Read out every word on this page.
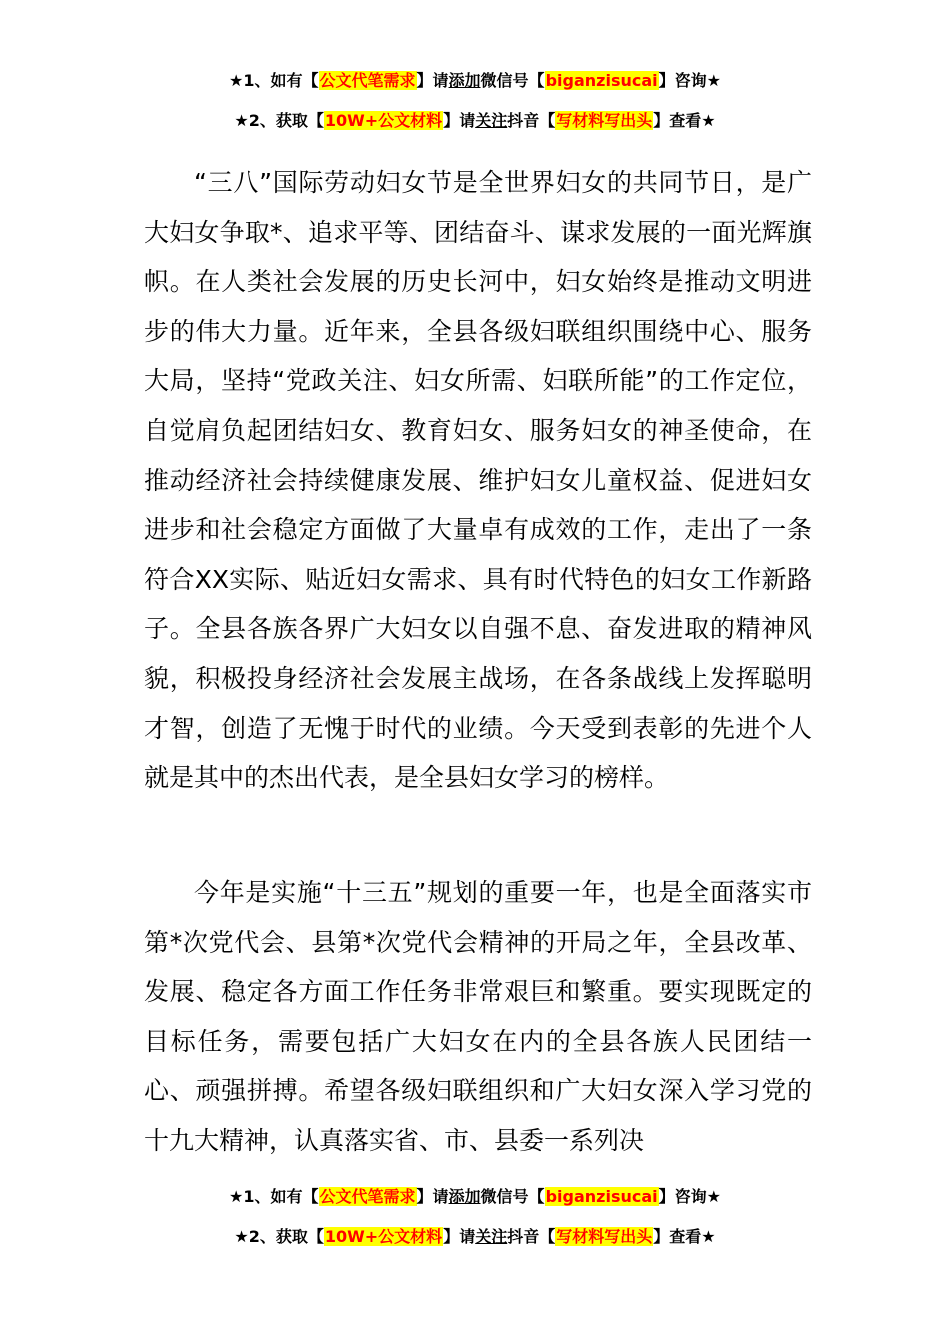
★1、如有【公文代笔需求】请添加微信号【biganzisucai】咨询★
★2、获取【10W+公文材料】请关注抖音【写材料写出头】查看★

“三八”国际劳动妇女节是全世界妇女的共同节日，是广大妇女争取*、追求平等、团结奋斗、谋求发展的一面光辉旗帜。在人类社会发展的历史长河中，妇女始终是推动文明进步的伟大力量。近年来，全县各级妇联组织围绕中心、服务大局，坚持“党政关注、妇女所需、妇联所能”的工作定位，自觉肩负起团结妇女、教育妇女、服务妇女的神圣使命，在推动经济社会持续健康发展、维护妇女儿童权益、促进妇女进步和社会稳定方面做了大量卓有成效的工作，走出了一条符合XX实际、贴近妇女需求、具有时代特色的妇女工作新路子。全县各族各界广大妇女以自强不息、奋发进取的精神风貌，积极投身经济社会发展主战场，在各条战线上发挥聪明才智，创造了无愧于时代的业绩。今天受到表彰的先进个人就是其中的杰出代表，是全县妇女学习的榜样。

今年是实施“十三五”规划的重要一年，也是全面落实市第*次党代会、县第*次党代会精神的开局之年，全县改革、发展、稳定各方面工作任务非常艰巨和繁重。要实现既定的目标任务，需要包括广大妇女在内的全县各族人民团结一心、顽强拼搏。希望各级妇联组织和广大妇女深入学习党的十九大精神，认真落实省、市、县委一系列决

★1、如有【公文代笔需求】请添加微信号【biganzisucai】咨询★
★2、获取【10W+公文材料】请关注抖音【写材料写出头】查看★
